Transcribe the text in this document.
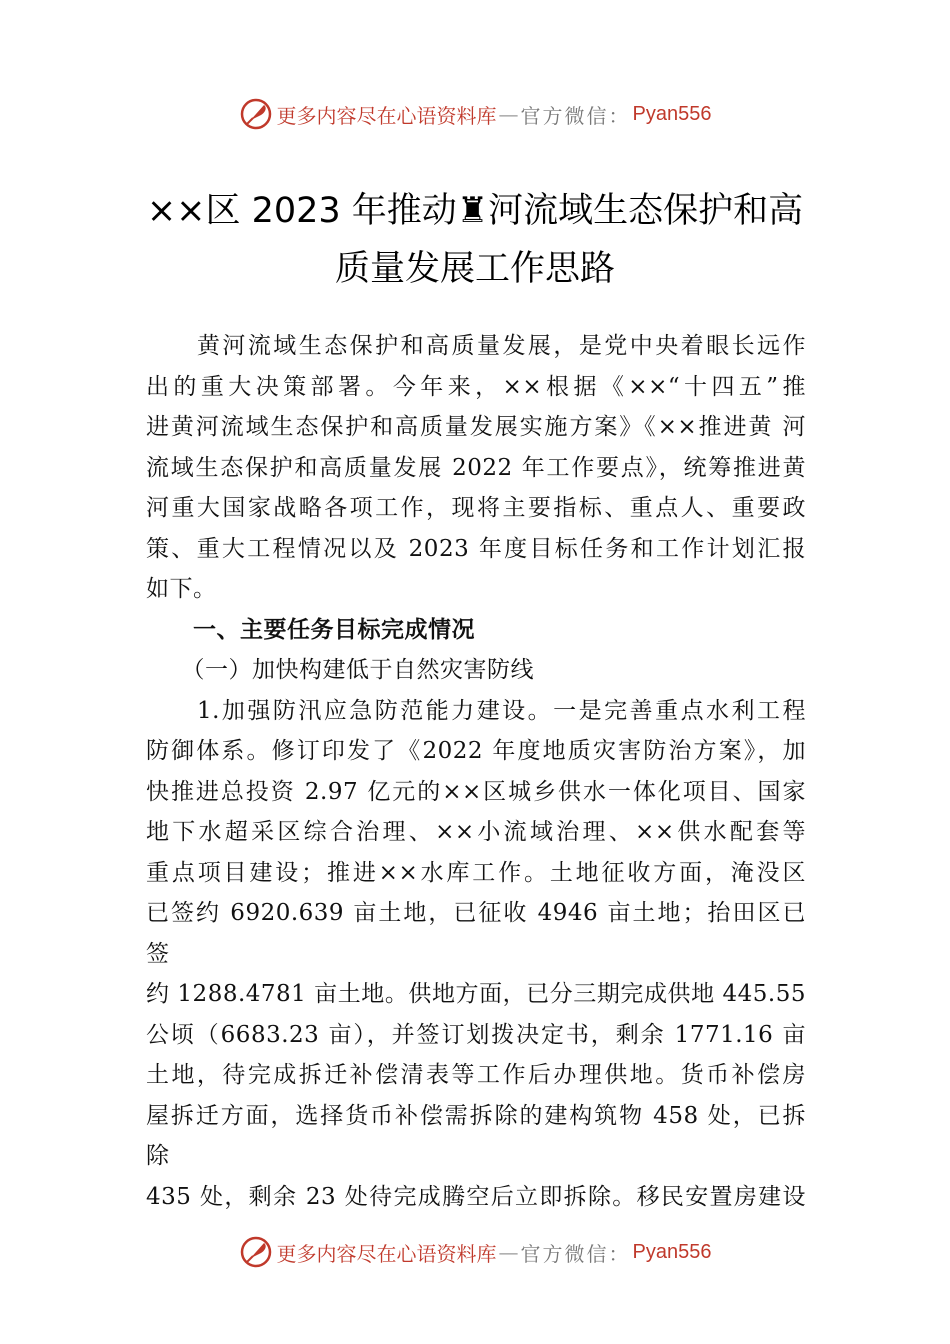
更多内容尽在心语资料库 — 官方微信： Pyan556
××区 2023 年推动♜河流域生态保护和高
质量发展工作思路

　　黄河流域生态保护和高质量发展，是党中央着眼长远作

出的重大决策部署。今年来，××根据《××“十四五”推

进黄河流域生态保护和高质量发展实施方案》《××推进黄 河

流域生态保护和高质量发展 2022 年工作要点》，统筹推进黄

河重大国家战略各项工作，现将主要指标、重点人、重要政

策、重大工程情况以及 2023 年度目标任务和工作计划汇报

如下。

　　一、主要任务目标完成情况

　　（一）加快构建低于自然灾害防线

　　1.加强防汛应急防范能力建设。一是完善重点水利工程

防御体系。修订印发了《2022 年度地质灾害防治方案》，加

快推进总投资 2.97 亿元的××区城乡供水一体化项目、国家

地下水超采区综合治理、××小流域治理、××供水配套等

重点项目建设；推进××水库工作。土地征收方面，淹没区

已签约 6920.639 亩土地，已征收 4946 亩土地；抬田区已

签

约 1288.4781 亩土地。供地方面，已分三期完成供地 445.55

公顷（6683.23 亩），并签订划拨决定书，剩余 1771.16 亩

土地，待完成拆迁补偿清表等工作后办理供地。货币补偿房

屋拆迁方面，选择货币补偿需拆除的建构筑物 458 处，已拆

除

435 处，剩余 23 处待完成腾空后立即拆除。移民安置房建设

更多内容尽在心语资料库 — 官方微信： Pyan556
